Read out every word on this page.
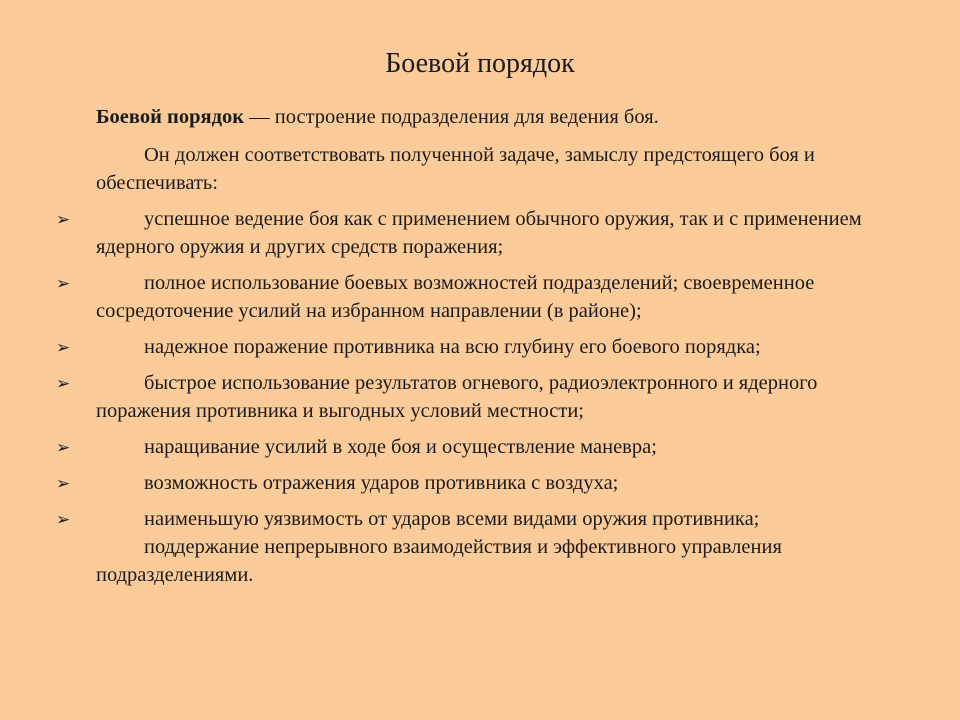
Боевой порядок

Боевой порядок — построение подразделения для ведения боя.

Он должен соответствовать полученной задаче, замыслу предстоящего боя и обеспечивать:

➢	успешное ведение боя как с применением обычного оружия, так и с применением ядерного оружия и других средств поражения;
➢	полное использование боевых возможностей подразделений; своевременное сосредоточение усилий на избранном направлении (в районе);
➢	надежное поражение противника на всю глубину его боевого порядка;
➢	быстрое использование результатов огневого, радиоэлектронного и ядерного поражения противника и выгодных условий местности;
➢	наращивание усилий в ходе боя и осуществление маневра;
➢	возможность отражения ударов противника с воздуха;
➢	наименьшую уязвимость от ударов всеми видами оружия противника;

поддержание непрерывного взаимодействия и эффективного управления подразделениями.
